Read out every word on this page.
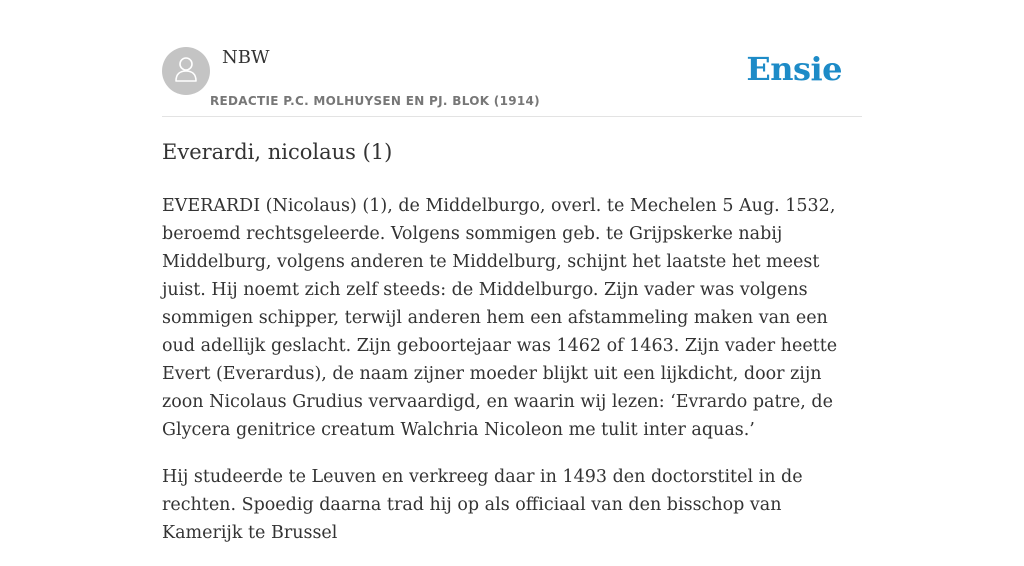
NBW
REDACTIE P.C. MOLHUYSEN EN PJ. BLOK (1914)
Ensie
Everardi, nicolaus (1)

EVERARDI (Nicolaus) (1), de Middelburgo, overl. te Mechelen 5 Aug. 1532, beroemd rechtsgeleerde. Volgens sommigen geb. te Grijpskerke nabij Middelburg, volgens anderen te Middelburg, schijnt het laatste het meest juist. Hij noemt zich zelf steeds: de Middelburgo. Zijn vader was volgens sommigen schipper, terwijl anderen hem een afstammeling maken van een oud adellijk geslacht. Zijn geboortejaar was 1462 of 1463. Zijn vader heette Evert (Everardus), de naam zijner moeder blijkt uit een lijkdicht, door zijn zoon Nicolaus Grudius vervaardigd, en waarin wij lezen: ‘Evrardo patre, de Glycera genitrice creatum Walchria Nicoleon me tulit inter aquas.’

Hij studeerde te Leuven en verkreeg daar in 1493 den doctorstitel in de rechten. Spoedig daarna trad hij op als officiaal van den bisschop van Kamerijk te Brussel
